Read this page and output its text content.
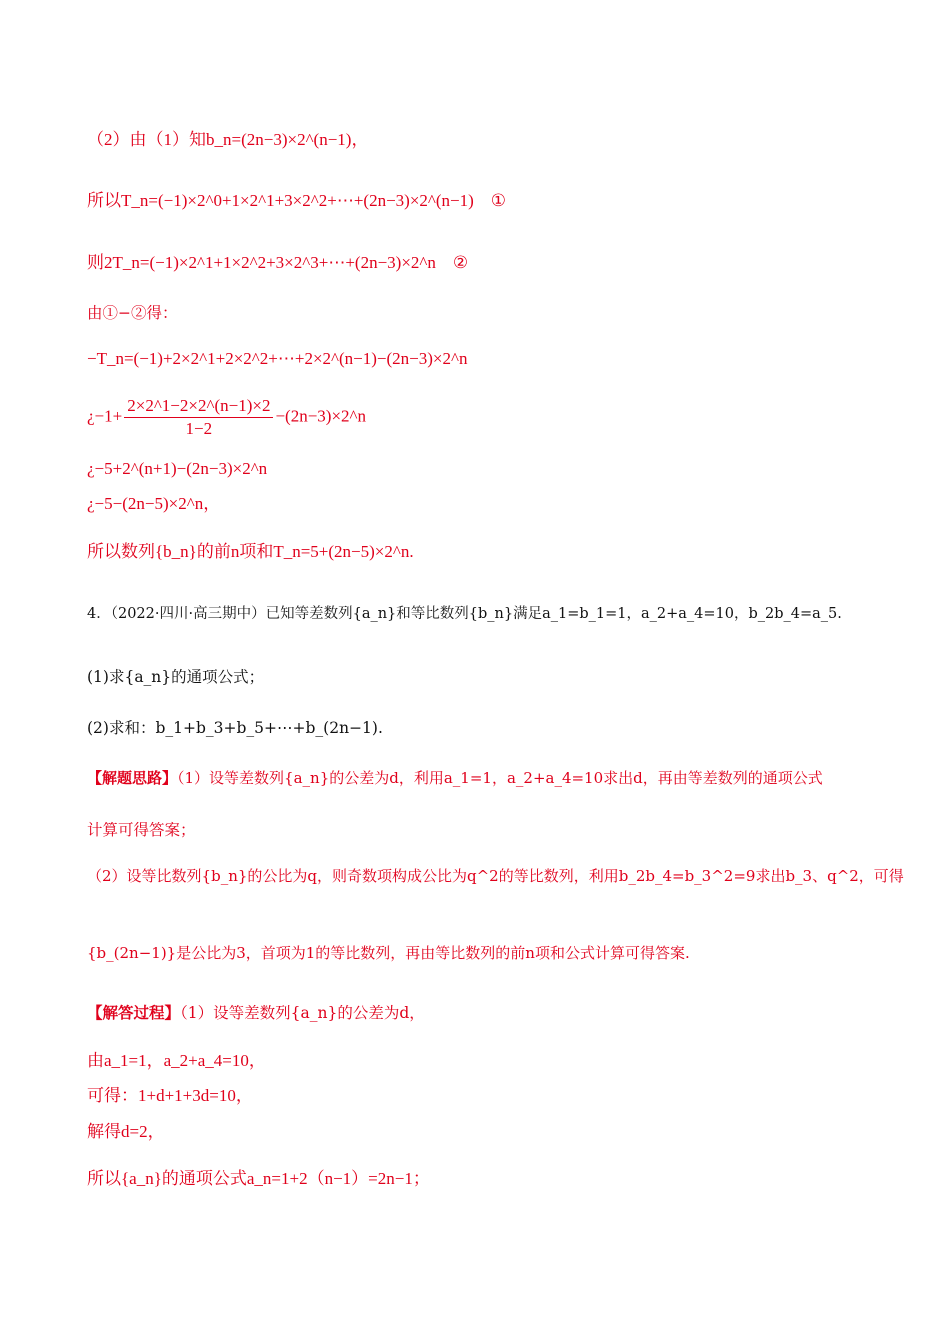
（2）由（1）知b_n=(2n−3)×2^(n−1)，
所以T_n=(−1)×2^0+1×2^1+3×2^2+⋯+(2n−3)×2^(n−1)　①
则2T_n=(−1)×2^1+1×2^2+3×2^3+⋯+(2n−3)×2^n　②
由①−②得：
−T_n=(−1)+2×2^1+2×2^2+⋯+2×2^(n−1)−(2n−3)×2^n
¿$-1+ \frac{2\times 2\^{}1-2\times 2\^{}(n-1)\times 2}{1-2}$ −(2n−3)×2^n
¿−5+2^(n+1)−(2n−3)×2^n
¿−5−(2n−5)×2^n，
所以数列{b_n}的前n项和T_n=5+(2n−5)×2^n.
4．（2022·四川·高三期中）已知等差数列{a_n}和等比数列{b_n}满足a_1=b_1=1，a_2+a_4=10，b_2b_4=a_5.
(1)求{a_n}的通项公式；
(2)求和：b_1+b_3+b_5+⋯+b_(2n−1).
【解题思路】（1）设等差数列{a_n}的公差为d，利用a_1=1，a_2+a_4=10求出d，再由等差数列的通项公式
计算可得答案；
（2）设等比数列{b_n}的公比为q，则奇数项构成公比为q^2的等比数列，利用b_2b_4=b_3^2=9求出b_3、q^2，可得
{b_(2n−1)}是公比为3，首项为1的等比数列，再由等比数列的前n项和公式计算可得答案.
【解答过程】（1）设等差数列{a_n}的公差为d，
由a_1=1，a_2+a_4=10，
可得：1+d+1+3d=10，
解得d=2，
所以{a_n}的通项公式a_n=1+2（n−1）=2n−1；
